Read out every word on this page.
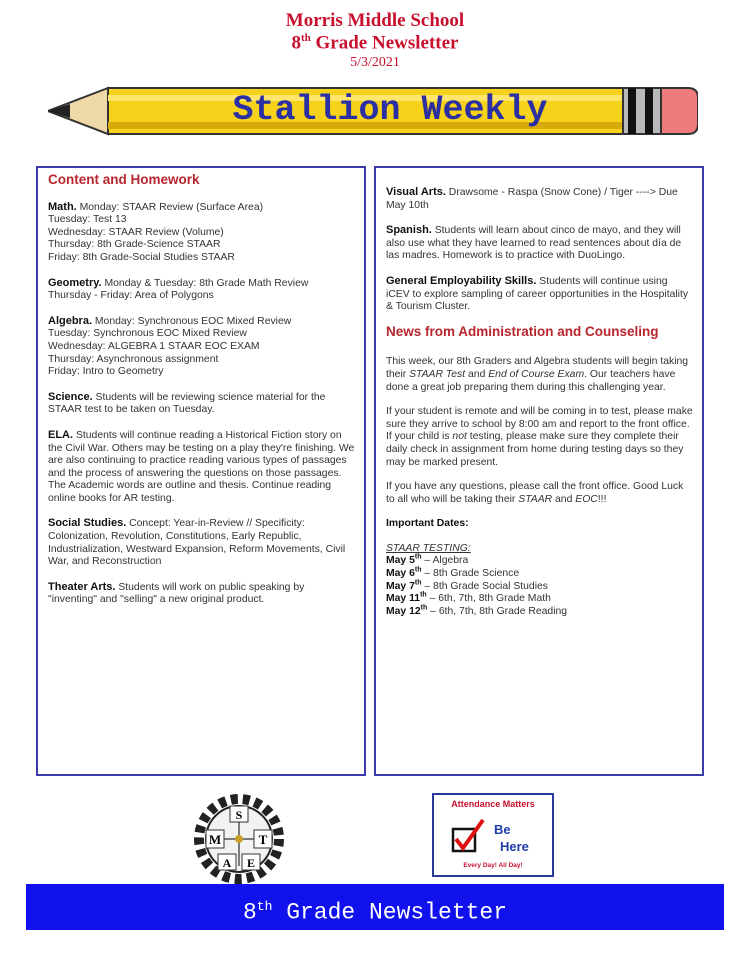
Morris Middle School
8th Grade Newsletter
5/3/2021
Stallion Weekly
Content and Homework

Math. Monday: STAAR Review (Surface Area)
Tuesday: Test 13
Wednesday: STAAR Review (Volume)
Thursday: 8th Grade-Science STAAR
Friday: 8th Grade-Social Studies STAAR

Geometry. Monday & Tuesday: 8th Grade Math Review
Thursday - Friday: Area of Polygons

Algebra. Monday: Synchronous EOC Mixed Review
Tuesday: Synchronous EOC Mixed Review
Wednesday: ALGEBRA 1 STAAR EOC EXAM
Thursday: Asynchronous assignment
Friday: Intro to Geometry

Science. Students will be reviewing science material for the STAAR test to be taken on Tuesday.

ELA. Students will continue reading a Historical Fiction story on the Civil War. Others may be testing on a play they're finishing. We are also continuing to practice reading various types of passages and the process of answering the questions on those passages. The Academic words are outline and thesis. Continue reading online books for AR testing.

Social Studies. Concept: Year-in-Review // Specificity: Colonization, Revolution, Constitutions, Early Republic, Industrialization, Westward Expansion, Reform Movements, Civil War, and Reconstruction

Theater Arts. Students will work on public speaking by "inventing" and "selling" a new original product.

Visual Arts. Drawsome - Raspa (Snow Cone) / Tiger ----> Due May 10th

Spanish. Students will learn about cinco de mayo, and they will also use what they have learned to read sentences about día de las madres. Homework is to practice with DuoLingo.

General Employability Skills. Students will continue using iCEV to explore sampling of career opportunities in the Hospitality & Tourism Cluster.

News from Administration and Counseling

This week, our 8th Graders and Algebra students will begin taking their STAAR Test and End of Course Exam. Our teachers have done a great job preparing them during this challenging year.

If your student is remote and will be coming in to test, please make sure they arrive to school by 8:00 am and report to the front office. If your child is not testing, please make sure they complete their daily check in assignment from home during testing days so they may be marked present.

If you have any questions, please call the front office. Good Luck to all who will be taking their STAAR and EOC!!!

Important Dates:
STAAR TESTING:
May 5th – Algebra
May 6th – 8th Grade Science
May 7th – 8th Grade Social Studies
May 11th – 6th, 7th, 8th Grade Math
May 12th – 6th, 7th, 8th Grade Reading
S
M	T
A E
Attendance Matters
Be
Here
Every Day! All Day!
8th Grade Newsletter
